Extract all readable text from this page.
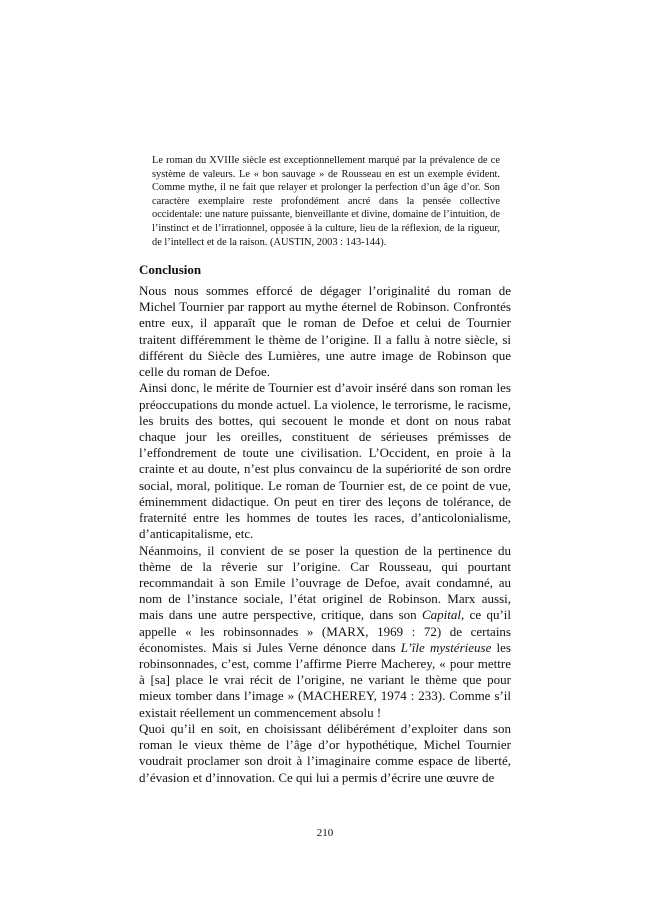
Le roman du XVIIIe siècle est exceptionnellement marqué par la prévalence de ce système de valeurs. Le « bon sauvage » de Rousseau en est un exemple évident. Comme mythe, il ne fait que relayer et prolonger la perfection d’un âge d’or. Son caractère exemplaire reste profondément ancré dans la pensée collective occidentale: une nature puissante, bienveillante et divine, domaine de l’intuition, de l’instinct et de l’irrationnel, opposée à la culture, lieu de la réflexion, de la rigueur, de l’intellect et de la raison. (AUSTIN, 2003 : 143-144).

Conclusion

Nous nous sommes efforcé de dégager l’originalité du roman de Michel Tournier par rapport au mythe éternel de Robinson. Confrontés entre eux, il apparaît que le roman de Defoe et celui de Tournier traitent différemment le thème de l’origine. Il a fallu à notre siècle, si différent du Siècle des Lumières, une autre image de Robinson que celle du roman de Defoe.

Ainsi donc, le mérite de Tournier est d’avoir inséré dans son roman les préoccupations du monde actuel. La violence, le terrorisme, le racisme, les bruits des bottes, qui secouent le monde et dont on nous rabat chaque jour les oreilles, constituent de sérieuses prémisses de l’effondrement de toute une civilisation. L’Occident, en proie à la crainte et au doute, n’est plus convaincu de la supériorité de son ordre social, moral, politique. Le roman de Tournier est, de ce point de vue, éminemment didactique. On peut en tirer des leçons de tolérance, de fraternité entre les hommes de toutes les races, d’anticolonialisme, d’anticapitalisme, etc.

Néanmoins, il convient de se poser la question de la pertinence du thème de la rêverie sur l’origine. Car Rousseau, qui pourtant recommandait à son Emile l’ouvrage de Defoe, avait condamné, au nom de l’instance sociale, l’état originel de Robinson. Marx aussi, mais dans une autre perspective, critique, dans son Capital, ce qu’il appelle « les robinsonnades » (MARX, 1969 : 72) de certains économistes. Mais si Jules Verne dénonce dans L’île mystérieuse les robinsonnades, c’est, comme l’affirme Pierre Macherey, « pour mettre à [sa] place le vrai récit de l’origine, ne variant le thème que pour mieux tomber dans l’image » (MACHEREY, 1974 : 233). Comme s’il existait réellement un commencement absolu !

Quoi qu’il en soit, en choisissant délibérément d’exploiter dans son roman le vieux thème de l’âge d’or hypothétique, Michel Tournier voudrait proclamer son droit à l’imaginaire comme espace de liberté, d’évasion et d’innovation. Ce qui lui a permis d’écrire une œuvre de

210
